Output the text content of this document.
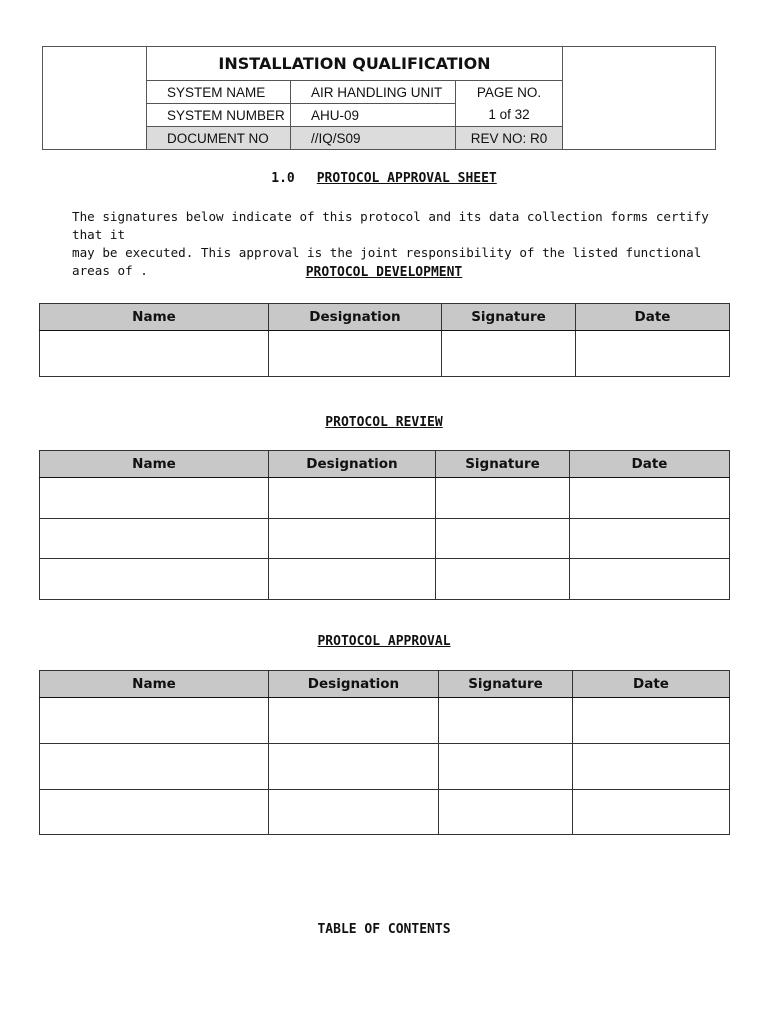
	INSTALLATION QUALIFICATION			
	SYSTEM NAME	AIR HANDLING UNIT	PAGE NO.	
	SYSTEM NUMBER	AHU-09	1 of 32	
	DOCUMENT NO	//IQ/S09	REV NO: R0	
1.0 PROTOCOL APPROVAL SHEET
The signatures below indicate of this protocol and its data collection forms certify that it
may be executed. This approval is the joint responsibility of the listed functional areas of .	PROTOCOL DEVELOPMENT
Name	Designation	Signature	Date

PROTOCOL REVIEW
Name	Designation	Signature	Date

PROTOCOL APPROVAL
Name	Designation	Signature	Date

TABLE OF CONTENTS
